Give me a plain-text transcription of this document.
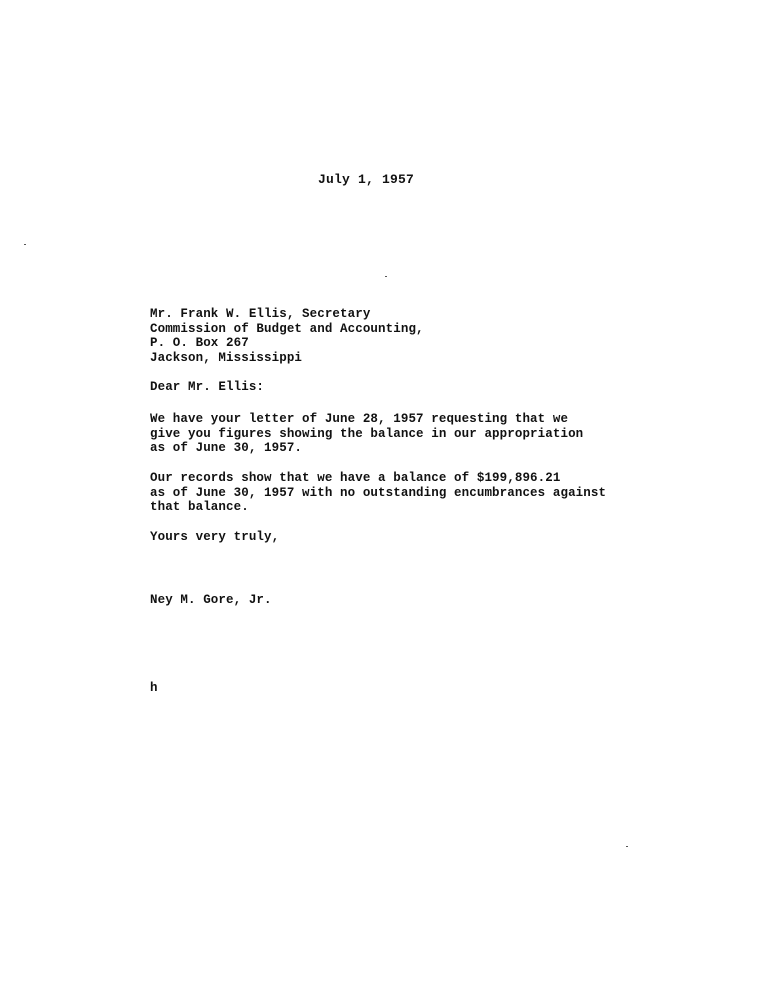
July 1, 1957
Mr. Frank W. Ellis, Secretary
Commission of Budget and Accounting,
P. O. Box 267
Jackson, Mississippi
Dear Mr. Ellis:
We have your letter of June 28, 1957 requesting that we
give you figures showing the balance in our appropriation
as of June 30, 1957.
Our records show that we have a balance of $199,896.21
as of June 30, 1957 with no outstanding encumbrances against
that balance.
Yours very truly,
Ney M. Gore, Jr.
h
